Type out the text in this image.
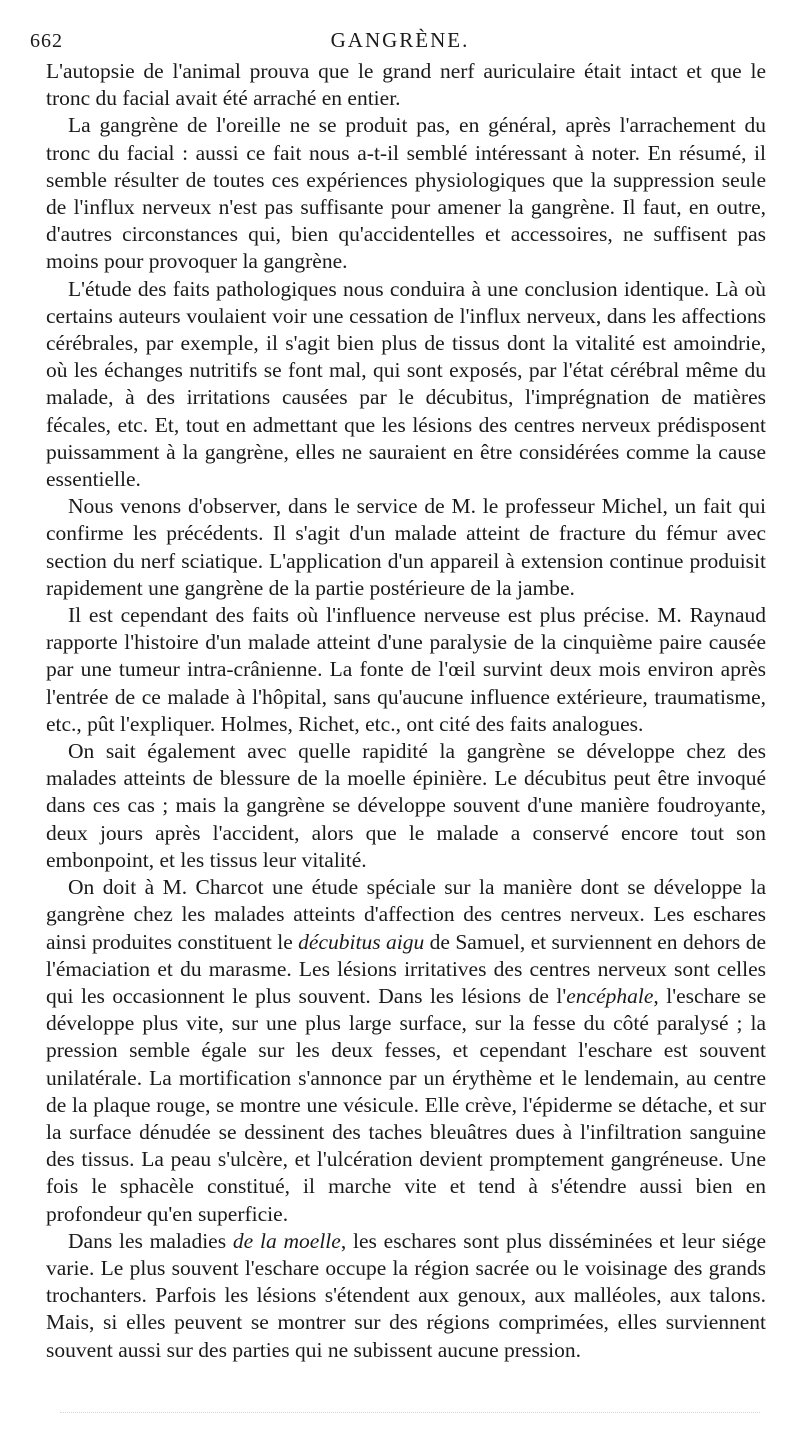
662	GANGRÈNE.

L'autopsie de l'animal prouva que le grand nerf auriculaire était intact et que le tronc du facial avait été arraché en entier.

La gangrène de l'oreille ne se produit pas, en général, après l'arrachement du tronc du facial : aussi ce fait nous a-t-il semblé intéressant à noter. En résumé, il semble résulter de toutes ces expériences physiologiques que la suppression seule de l'influx nerveux n'est pas suffisante pour amener la gangrène. Il faut, en outre, d'autres circonstances qui, bien qu'accidentelles et accessoires, ne suffisent pas moins pour provoquer la gangrène.

L'étude des faits pathologiques nous conduira à une conclusion identique. Là où certains auteurs voulaient voir une cessation de l'influx nerveux, dans les affections cérébrales, par exemple, il s'agit bien plus de tissus dont la vitalité est amoindrie, où les échanges nutritifs se font mal, qui sont exposés, par l'état cérébral même du malade, à des irritations causées par le décubitus, l'imprégnation de matières fécales, etc. Et, tout en admettant que les lésions des centres nerveux prédisposent puissamment à la gangrène, elles ne sauraient en être considérées comme la cause essentielle.

Nous venons d'observer, dans le service de M. le professeur Michel, un fait qui confirme les précédents. Il s'agit d'un malade atteint de fracture du fémur avec section du nerf sciatique. L'application d'un appareil à extension continue produisit rapidement une gangrène de la partie postérieure de la jambe.

Il est cependant des faits où l'influence nerveuse est plus précise. M. Raynaud rapporte l'histoire d'un malade atteint d'une paralysie de la cinquième paire causée par une tumeur intra-crânienne. La fonte de l'œil survint deux mois environ après l'entrée de ce malade à l'hôpital, sans qu'aucune influence extérieure, traumatisme, etc., pût l'expliquer. Holmes, Richet, etc., ont cité des faits analogues.

On sait également avec quelle rapidité la gangrène se développe chez des malades atteints de blessure de la moelle épinière. Le décubitus peut être invoqué dans ces cas ; mais la gangrène se développe souvent d'une manière foudroyante, deux jours après l'accident, alors que le malade a conservé encore tout son embonpoint, et les tissus leur vitalité.

On doit à M. Charcot une étude spéciale sur la manière dont se développe la gangrène chez les malades atteints d'affection des centres nerveux. Les eschares ainsi produites constituent le décubitus aigu de Samuel, et surviennent en dehors de l'émaciation et du marasme. Les lésions irritatives des centres nerveux sont celles qui les occasionnent le plus souvent. Dans les lésions de l'encéphale, l'eschare se développe plus vite, sur une plus large surface, sur la fesse du côté paralysé ; la pression semble égale sur les deux fesses, et cependant l'eschare est souvent unilatérale. La mortification s'annonce par un érythème et le lendemain, au centre de la plaque rouge, se montre une vésicule. Elle crève, l'épiderme se détache, et sur la surface dénudée se dessinent des taches bleuâtres dues à l'infiltration sanguine des tissus. La peau s'ulcère, et l'ulcération devient promptement gangréneuse. Une fois le sphacèle constitué, il marche vite et tend à s'étendre aussi bien en profondeur qu'en superficie.

Dans les maladies de la moelle, les eschares sont plus disséminées et leur siége varie. Le plus souvent l'eschare occupe la région sacrée ou le voisinage des grands trochanters. Parfois les lésions s'étendent aux genoux, aux malléoles, aux talons. Mais, si elles peuvent se montrer sur des régions comprimées, elles surviennent souvent aussi sur des parties qui ne subissent aucune pression.
